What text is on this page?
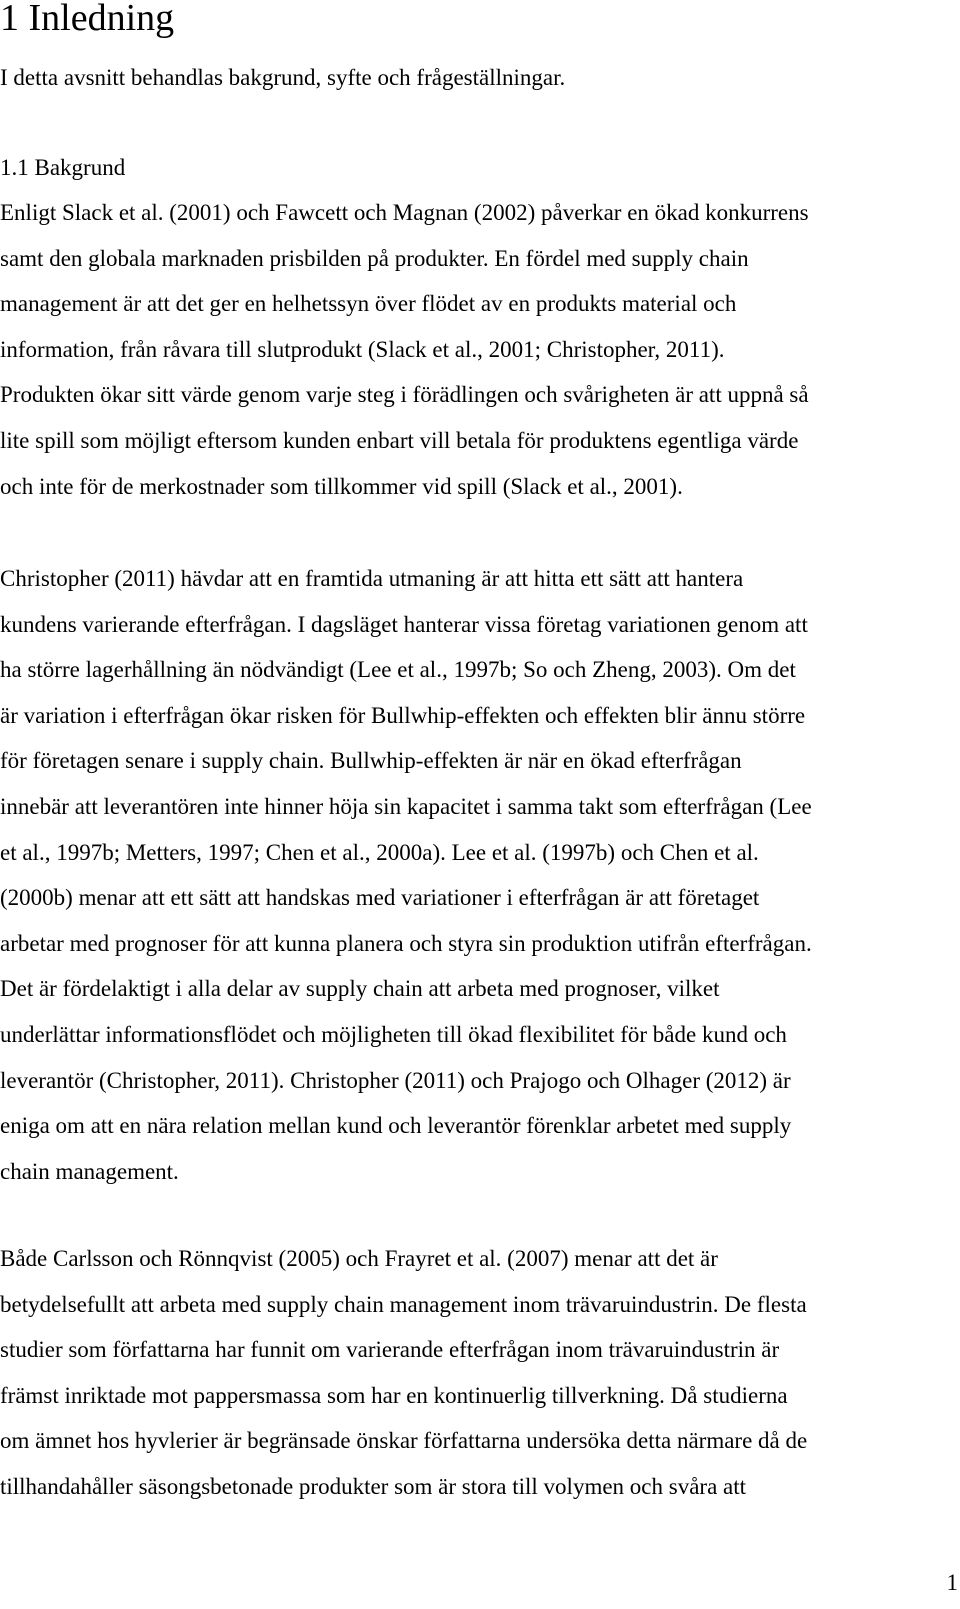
1 Inledning

I detta avsnitt behandlas bakgrund, syfte och frågeställningar.

1.1 Bakgrund
Enligt Slack et al. (2001) och Fawcett och Magnan (2002) påverkar en ökad konkurrens
samt den globala marknaden prisbilden på produkter. En fördel med supply chain
management är att det ger en helhetssyn över flödet av en produkts material och
information, från råvara till slutprodukt (Slack et al., 2001; Christopher, 2011).
Produkten ökar sitt värde genom varje steg i förädlingen och svårigheten är att uppnå så
lite spill som möjligt eftersom kunden enbart vill betala för produktens egentliga värde
och inte för de merkostnader som tillkommer vid spill (Slack et al., 2001).
Christopher (2011) hävdar att en framtida utmaning är att hitta ett sätt att hantera
kundens varierande efterfrågan. I dagsläget hanterar vissa företag variationen genom att
ha större lagerhållning än nödvändigt (Lee et al., 1997b; So och Zheng, 2003). Om det
är variation i efterfrågan ökar risken för Bullwhip-effekten och effekten blir ännu större
för företagen senare i supply chain. Bullwhip-effekten är när en ökad efterfrågan
innebär att leverantören inte hinner höja sin kapacitet i samma takt som efterfrågan (Lee
et al., 1997b; Metters, 1997; Chen et al., 2000a). Lee et al. (1997b) och Chen et al.
(2000b) menar att ett sätt att handskas med variationer i efterfrågan är att företaget
arbetar med prognoser för att kunna planera och styra sin produktion utifrån efterfrågan.
Det är fördelaktigt i alla delar av supply chain att arbeta med prognoser, vilket
underlättar informationsflödet och möjligheten till ökad flexibilitet för både kund och
leverantör (Christopher, 2011). Christopher (2011) och Prajogo och Olhager (2012) är
eniga om att en nära relation mellan kund och leverantör förenklar arbetet med supply
chain management.
Både Carlsson och Rönnqvist (2005) och Frayret et al. (2007) menar att det är
betydelsefullt att arbeta med supply chain management inom trävaruindustrin. De flesta
studier som författarna har funnit om varierande efterfrågan inom trävaruindustrin är
främst inriktade mot pappersmassa som har en kontinuerlig tillverkning. Då studierna
om ämnet hos hyvlerier är begränsade önskar författarna undersöka detta närmare då de
tillhandahåller säsongsbetonade produkter som är stora till volymen och svåra att
1
